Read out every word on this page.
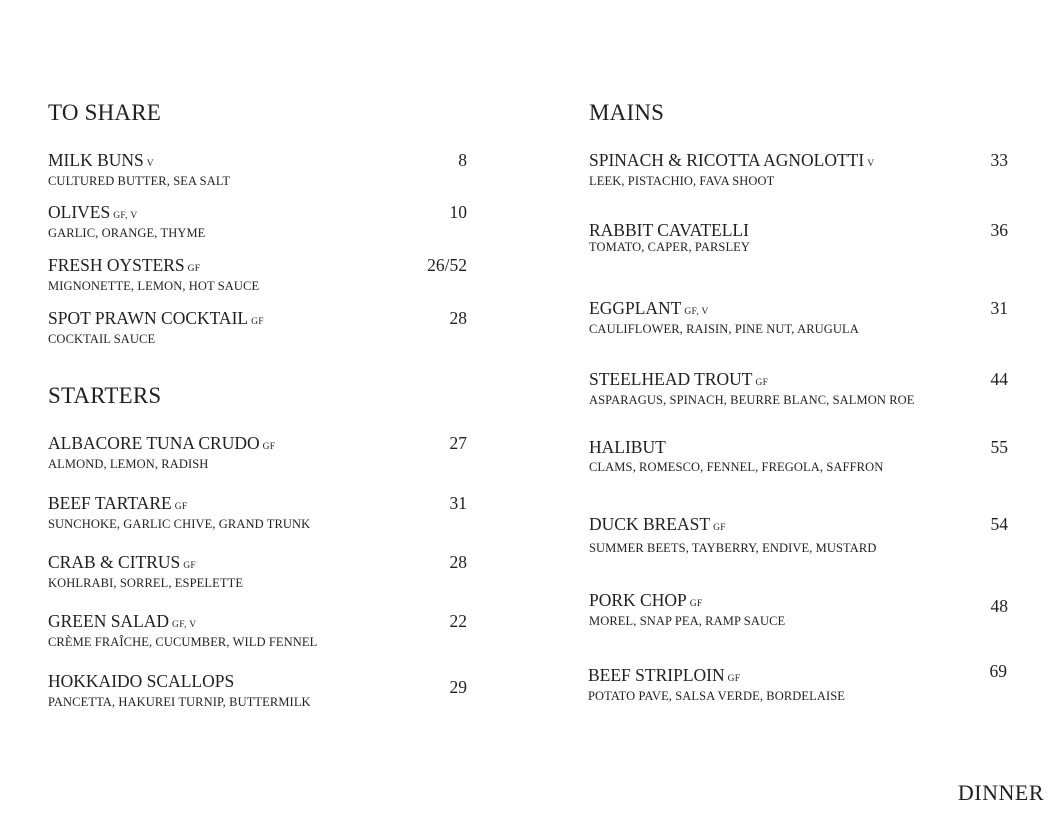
TO SHARE
MILK BUNS V
CULTURED BUTTER, SEA SALT
8
OLIVES GF, V
GARLIC, ORANGE, THYME
10
FRESH OYSTERS GF
MIGNONETTE, LEMON, HOT SAUCE
26/52
SPOT PRAWN COCKTAIL GF
COCKTAIL SAUCE
28
STARTERS
ALBACORE TUNA CRUDO GF
ALMOND, LEMON, RADISH
27
BEEF TARTARE GF
SUNCHOKE, GARLIC CHIVE, GRAND TRUNK
31
CRAB & CITRUS GF
KOHLRABI, SORREL, ESPELETTE
28
GREEN SALAD GF, V
CRÈME FRAÎCHE, CUCUMBER, WILD FENNEL
22
HOKKAIDO SCALLOPS
PANCETTA, HAKUREI TURNIP, BUTTERMILK
29
MAINS
SPINACH & RICOTTA AGNOLOTTI V
LEEK, PISTACHIO, FAVA SHOOT
33
RABBIT CAVATELLI
TOMATO, CAPER, PARSLEY
36
EGGPLANT GF, V
CAULIFLOWER, RAISIN, PINE NUT, ARUGULA
31
STEELHEAD TROUT GF
ASPARAGUS, SPINACH, BEURRE BLANC, SALMON ROE
44
HALIBUT
CLAMS, ROMESCO, FENNEL, FREGOLA, SAFFRON
55
DUCK BREAST GF
SUMMER BEETS, TAYBERRY, ENDIVE, MUSTARD
54
PORK CHOP GF
MOREL, SNAP PEA, RAMP SAUCE
48
BEEF STRIPLOIN GF
POTATO PAVE, SALSA VERDE, BORDELAISE
69
DINNER
